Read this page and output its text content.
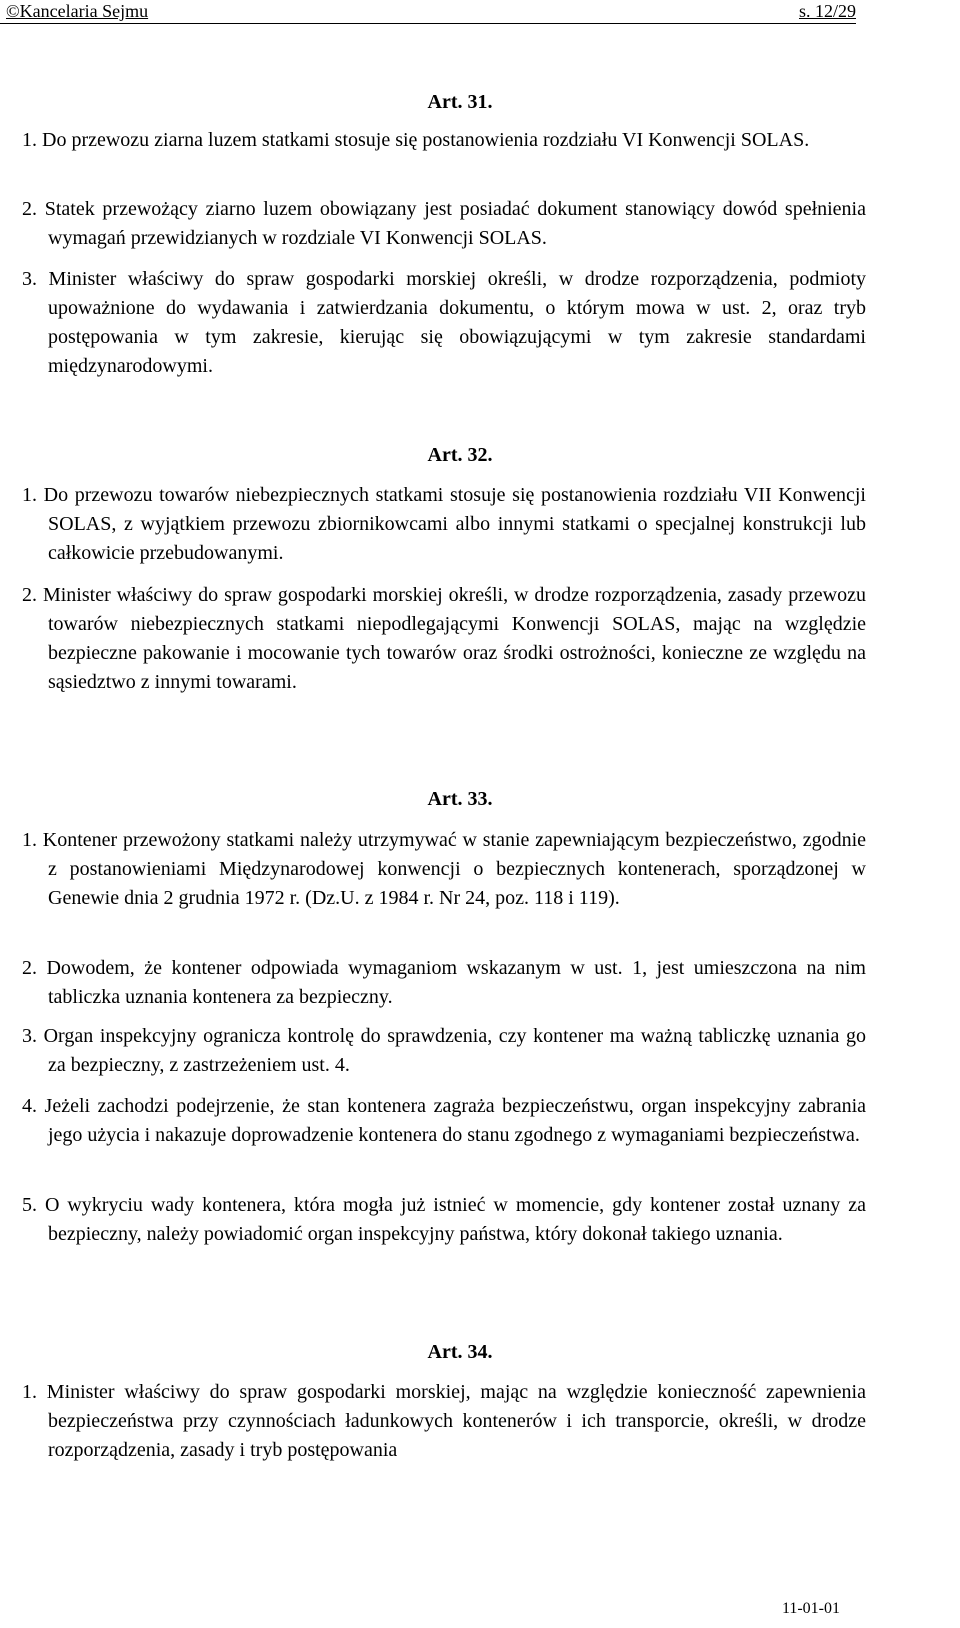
©Kancelaria Sejmu	s. 12/29
Art. 31.
1. Do przewozu ziarna luzem statkami stosuje się postanowienia rozdziału VI Konwencji SOLAS.
2. Statek przewożący ziarno luzem obowiązany jest posiadać dokument stanowiący dowód spełnienia wymagań przewidzianych w rozdziale VI Konwencji SOLAS.
3. Minister właściwy do spraw gospodarki morskiej określi, w drodze rozporządzenia, podmioty upoważnione do wydawania i zatwierdzania dokumentu, o którym mowa w ust. 2, oraz tryb postępowania w tym zakresie, kierując się obowiązującymi w tym zakresie standardami międzynarodowymi.
Art. 32.
1. Do przewozu towarów niebezpiecznych statkami stosuje się postanowienia rozdziału VII Konwencji SOLAS, z wyjątkiem przewozu zbiornikowcami albo innymi statkami o specjalnej konstrukcji lub całkowicie przebudowanymi.
2. Minister właściwy do spraw gospodarki morskiej określi, w drodze rozporządzenia, zasady przewozu towarów niebezpiecznych statkami niepodlegającymi Konwencji SOLAS, mając na względzie bezpieczne pakowanie i mocowanie tych towarów oraz środki ostrożności, konieczne ze względu na sąsiedztwo z innymi towarami.
Art. 33.
1. Kontener przewożony statkami należy utrzymywać w stanie zapewniającym bezpieczeństwo, zgodnie z postanowieniami Międzynarodowej konwencji o bezpiecznych kontenerach, sporządzonej w Genewie dnia 2 grudnia 1972 r. (Dz.U. z 1984 r. Nr 24, poz. 118 i 119).
2. Dowodem, że kontener odpowiada wymaganiom wskazanym w ust. 1, jest umieszczona na nim tabliczka uznania kontenera za bezpieczny.
3. Organ inspekcyjny ogranicza kontrolę do sprawdzenia, czy kontener ma ważną tabliczkę uznania go za bezpieczny, z zastrzeżeniem ust. 4.
4. Jeżeli zachodzi podejrzenie, że stan kontenera zagraża bezpieczeństwu, organ inspekcyjny zabrania jego użycia i nakazuje doprowadzenie kontenera do stanu zgodnego z wymaganiami bezpieczeństwa.
5. O wykryciu wady kontenera, która mogła już istnieć w momencie, gdy kontener został uznany za bezpieczny, należy powiadomić organ inspekcyjny państwa, który dokonał takiego uznania.
Art. 34.
1. Minister właściwy do spraw gospodarki morskiej, mając na względzie konieczność zapewnienia bezpieczeństwa przy czynnościach ładunkowych kontenerów i ich transporcie, określi, w drodze rozporządzenia, zasady i tryb postępowania
11-01-01
